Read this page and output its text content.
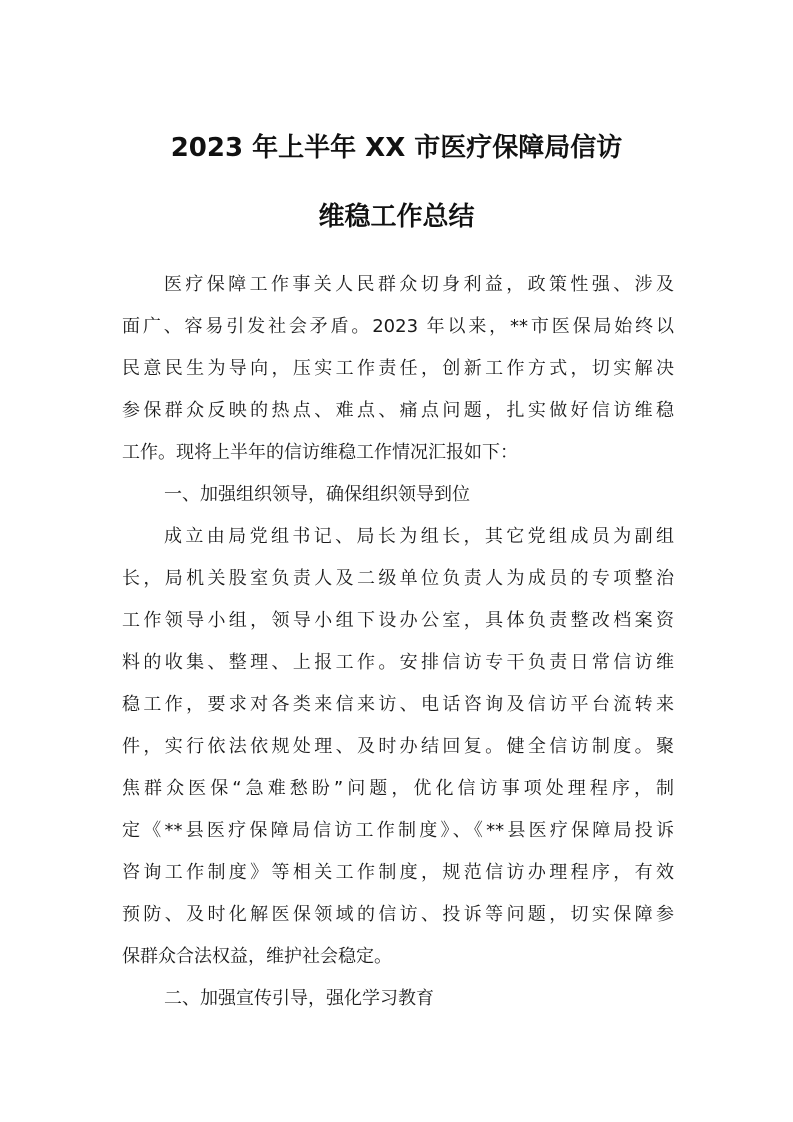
2023 年上半年 XX 市医疗保障局信访
维稳工作总结
医疗保障工作事关人民群众切身利益，政策性强、涉及
面广、容易引发社会矛盾。2023 年以来，**市医保局始终以
民意民生为导向，压实工作责任，创新工作方式，切实解决
参保群众反映的热点、难点、痛点问题，扎实做好信访维稳
工作。现将上半年的信访维稳工作情况汇报如下：
一、加强组织领导，确保组织领导到位
成立由局党组书记、局长为组长，其它党组成员为副组
长，局机关股室负责人及二级单位负责人为成员的专项整治
工作领导小组，领导小组下设办公室，具体负责整改档案资
料的收集、整理、上报工作。安排信访专干负责日常信访维
稳工作，要求对各类来信来访、电话咨询及信访平台流转来
件，实行依法依规处理、及时办结回复。健全信访制度。聚
焦群众医保“急难愁盼”问题，优化信访事项处理程序，制
定《**县医疗保障局信访工作制度》、《**县医疗保障局投诉
咨询工作制度》等相关工作制度，规范信访办理程序，有效
预防、及时化解医保领域的信访、投诉等问题，切实保障参
保群众合法权益，维护社会稳定。
二、加强宣传引导，强化学习教育
